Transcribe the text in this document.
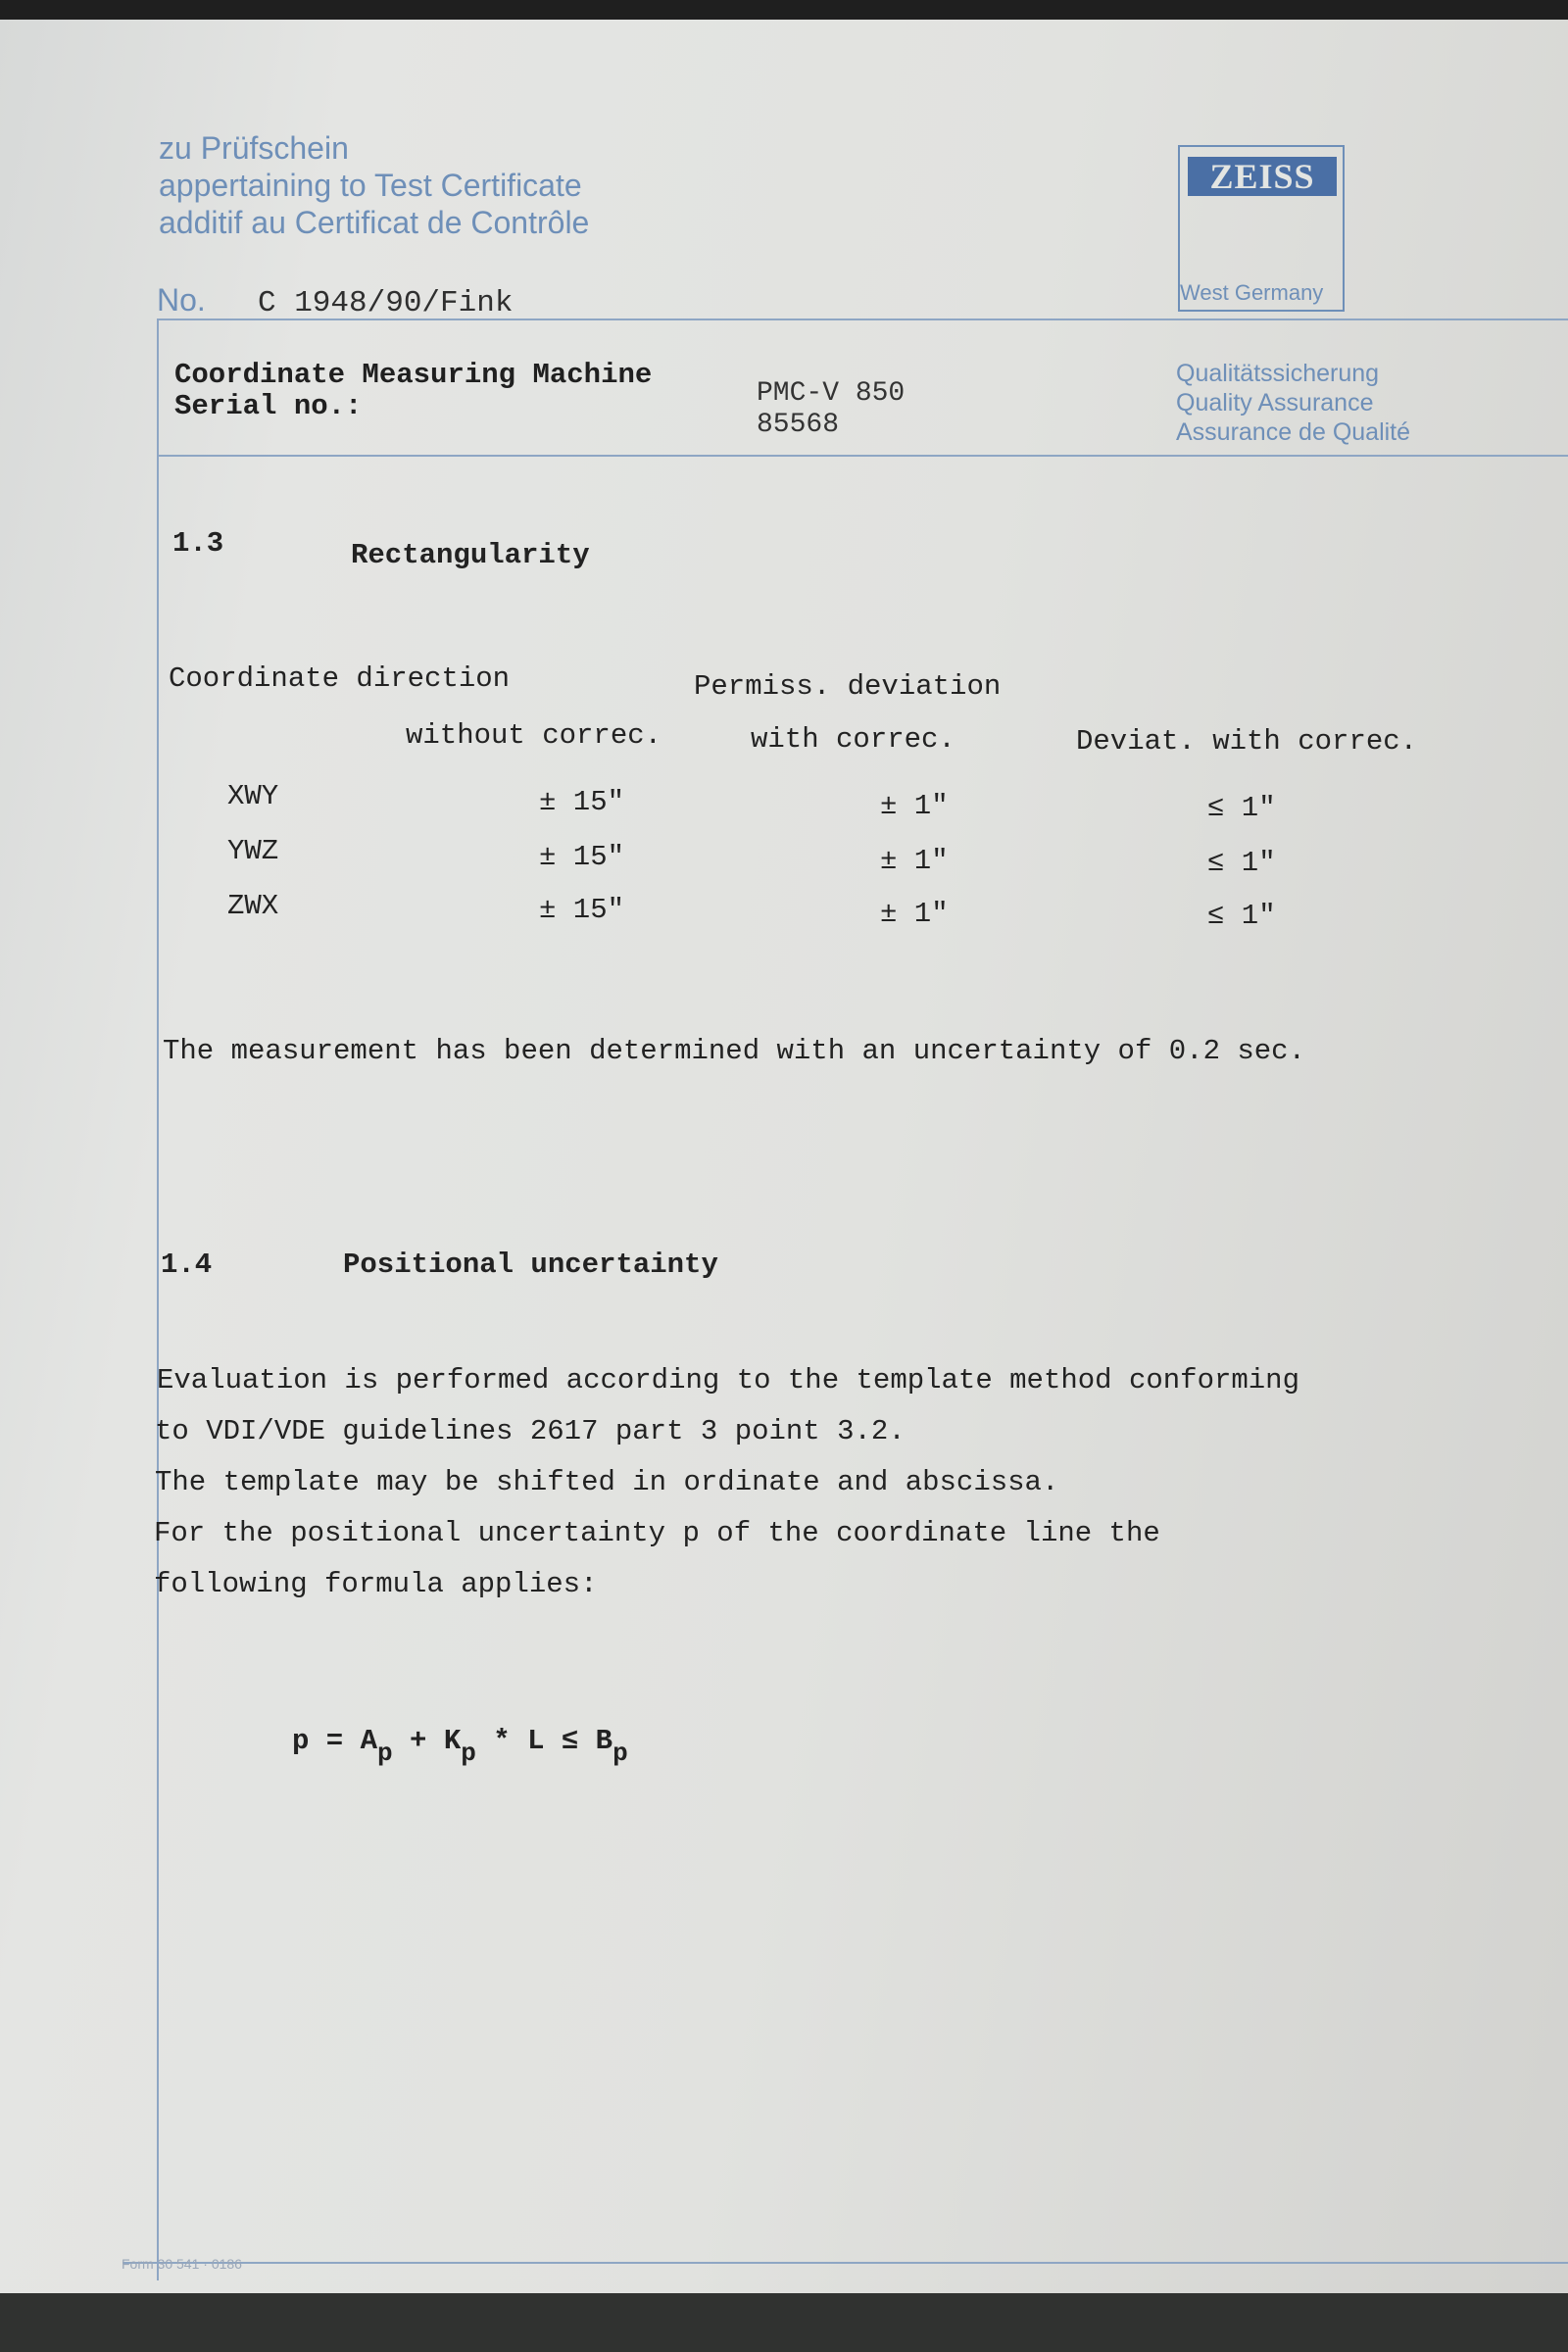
zu Prüfschein
appertaining to Test Certificate
additif au Certificat de Contrôle
No. C 1948/90/Fink
ZEISS
West Germany
Coordinate Measuring Machine
Serial no.:	PMC-V 850
85568
Qualitätssicherung
Quality Assurance
Assurance de Qualité
1.3	Rectangularity
Coordinate direction	Permiss. deviation
without correc.	with correc.	Deviat. with correc.
XWY	± 15"	± 1"	≤ 1"
YWZ	± 15"	± 1"	≤ 1"
ZWX	± 15"	± 1"	≤ 1"
The measurement has been determined with an uncertainty of 0.2 sec.
1.4	Positional uncertainty
Evaluation is performed according to the template method conforming
to VDI/VDE guidelines 2617 part 3 point 3.2.
The template may be shifted in ordinate and abscissa.
For the positional uncertainty p of the coordinate line the
following formula applies:
$p = A_p + K_p * L \le B_p$
Form 30 541 · 0186
